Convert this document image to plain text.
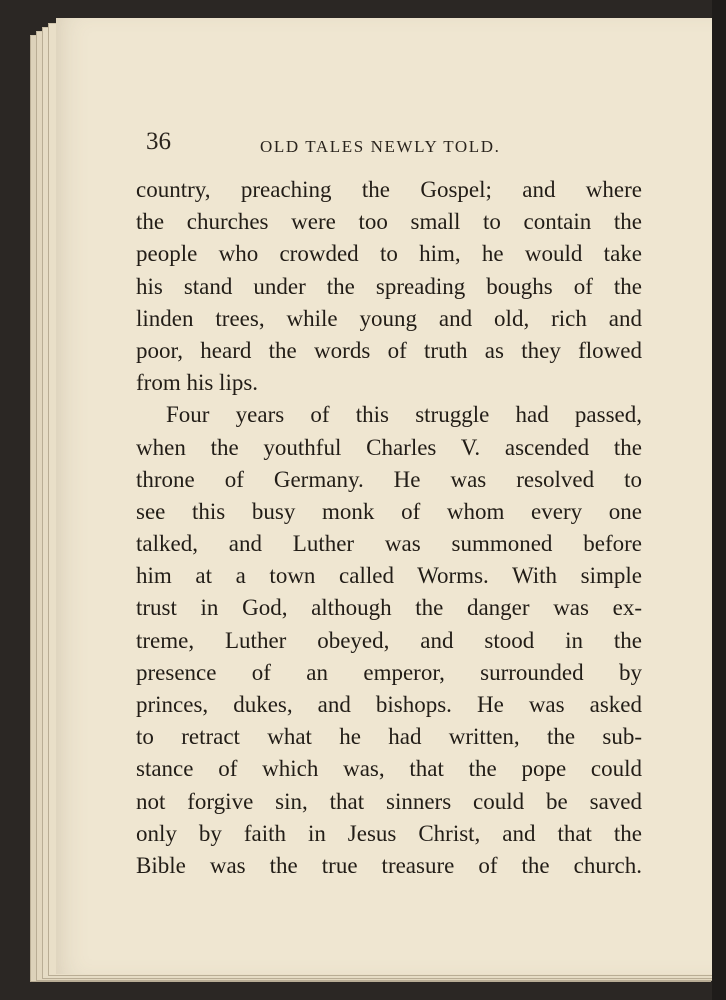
36	OLD TALES NEWLY TOLD.
country, preaching the Gospel; and where
the churches were too small to contain the
people who crowded to him, he would take
his stand under the spreading boughs of the
linden trees, while young and old, rich and
poor, heard the words of truth as they flowed
from his lips.
Four years of this struggle had passed,
when the youthful Charles V. ascended the
throne of Germany. He was resolved to
see this busy monk of whom every one
talked, and Luther was summoned before
him at a town called Worms. With simple
trust in God, although the danger was ex-
treme, Luther obeyed, and stood in the
presence of an emperor, surrounded by
princes, dukes, and bishops. He was asked
to retract what he had written, the sub-
stance of which was, that the pope could
not forgive sin, that sinners could be saved
only by faith in Jesus Christ, and that the
Bible was the true treasure of the church.
